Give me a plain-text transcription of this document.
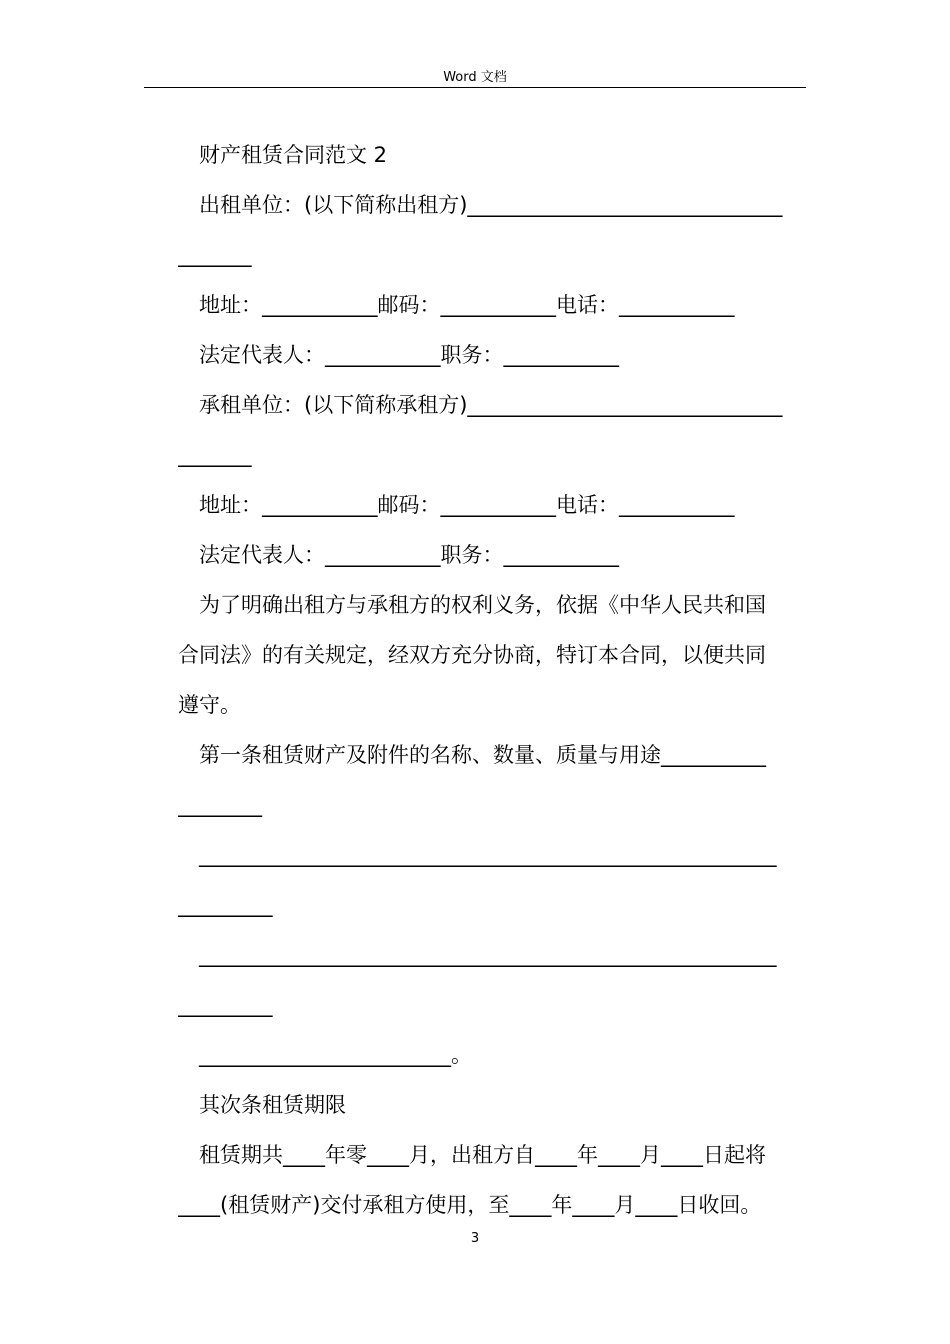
Word 文档
财产租赁合同范文 2
出租单位：(以下简称出租方)______________________________
_______
地址：___________邮码：___________电话：___________
法定代表人：___________职务：___________
承租单位：(以下简称承租方)______________________________
_______
地址：___________邮码：___________电话：___________
法定代表人：___________职务：___________
为了明确出租方与承租方的权利义务，依据《中华人民共和国
合同法》的有关规定，经双方充分协商，特订本合同，以便共同
遵守。
第一条租赁财产及附件的名称、数量、质量与用途__________
________
_______________________________________________________
_________
_______________________________________________________
_________
________________________。
其次条租赁期限
租赁期共____年零____月，出租方自____年____月____日起将
____(租赁财产)交付承租方使用，至____年____月____日收回。
3
